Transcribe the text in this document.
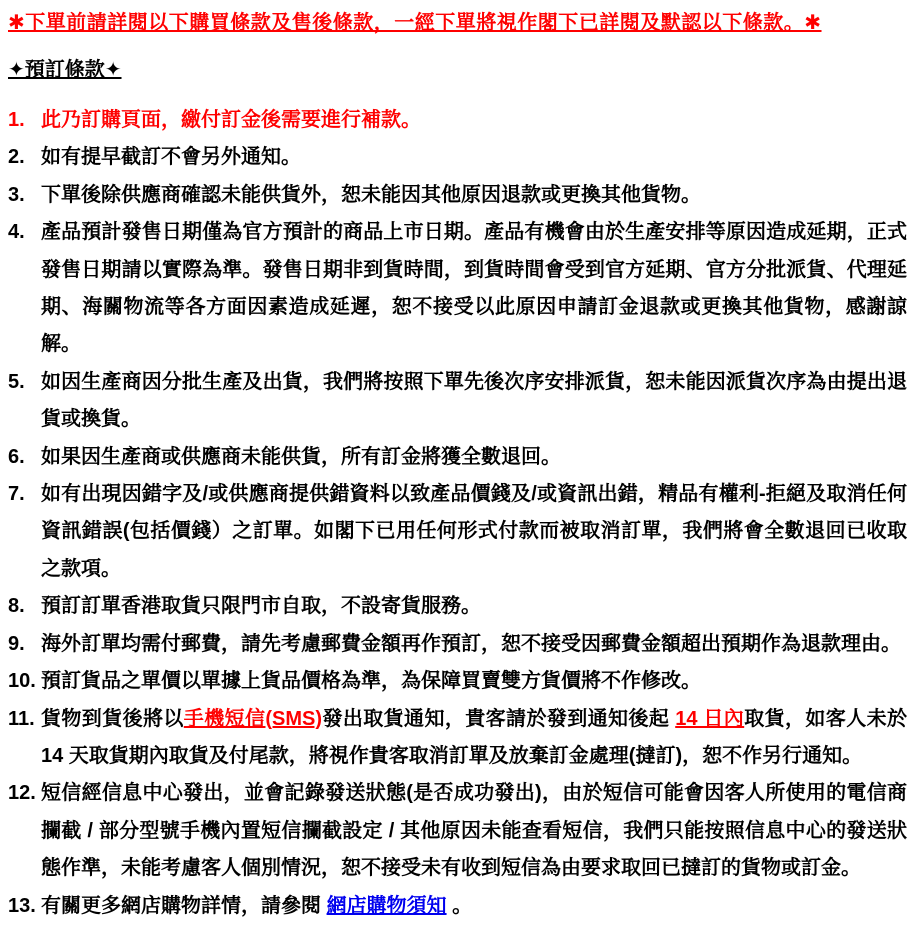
✱下單前請詳閱以下購買條款及售後條款，一經下單將視作閣下已詳閱及默認以下條款。✱
✦預訂條款✦
1. 此乃訂購頁面，繳付訂金後需要進行補款。
2. 如有提早截訂不會另外通知。
3. 下單後除供應商確認未能供貨外，恕未能因其他原因退款或更換其他貨物。
4. 產品預計發售日期僅為官方預計的商品上市日期。產品有機會由於生產安排等原因造成延期，正式發售日期請以實際為準。發售日期非到貨時間，到貨時間會受到官方延期、官方分批派貨、代理延期、海關物流等各方面因素造成延遲，恕不接受以此原因申請訂金退款或更換其他貨物，感謝諒解。
5. 如因生產商因分批生產及出貨，我們將按照下單先後次序安排派貨，恕未能因派貨次序為由提出退貨或換貨。
6. 如果因生產商或供應商未能供貨，所有訂金將獲全數退回。
7. 如有出現因錯字及/或供應商提供錯資料以致產品價錢及/或資訊出錯，精品有權利-拒絕及取消任何資訊錯誤(包括價錢）之訂單。如閣下已用任何形式付款而被取消訂單，我們將會全數退回已收取之款項。
8. 預訂訂單香港取貨只限門市自取，不設寄貨服務。
9. 海外訂單均需付郵費，請先考慮郵費金額再作預訂，恕不接受因郵費金額超出預期作為退款理由。
10. 預訂貨品之單價以單據上貨品價格為準，為保障買賣雙方貨價將不作修改。
11. 貨物到貨後將以手機短信(SMS)發出取貨通知，貴客請於發到通知後起 14 日內取貨，如客人未於 14 天取貨期內取貨及付尾款，將視作貴客取消訂單及放棄訂金處理(撻訂)，恕不作另行通知。
12. 短信經信息中心發出，並會記錄發送狀態(是否成功發出)，由於短信可能會因客人所使用的電信商攔截 / 部分型號手機內置短信攔截設定 / 其他原因未能查看短信，我們只能按照信息中心的發送狀態作準，未能考慮客人個別情況，恕不接受未有收到短信為由要求取回已撻訂的貨物或訂金。
13. 有關更多網店購物詳情，請參閱 網店購物須知 。
